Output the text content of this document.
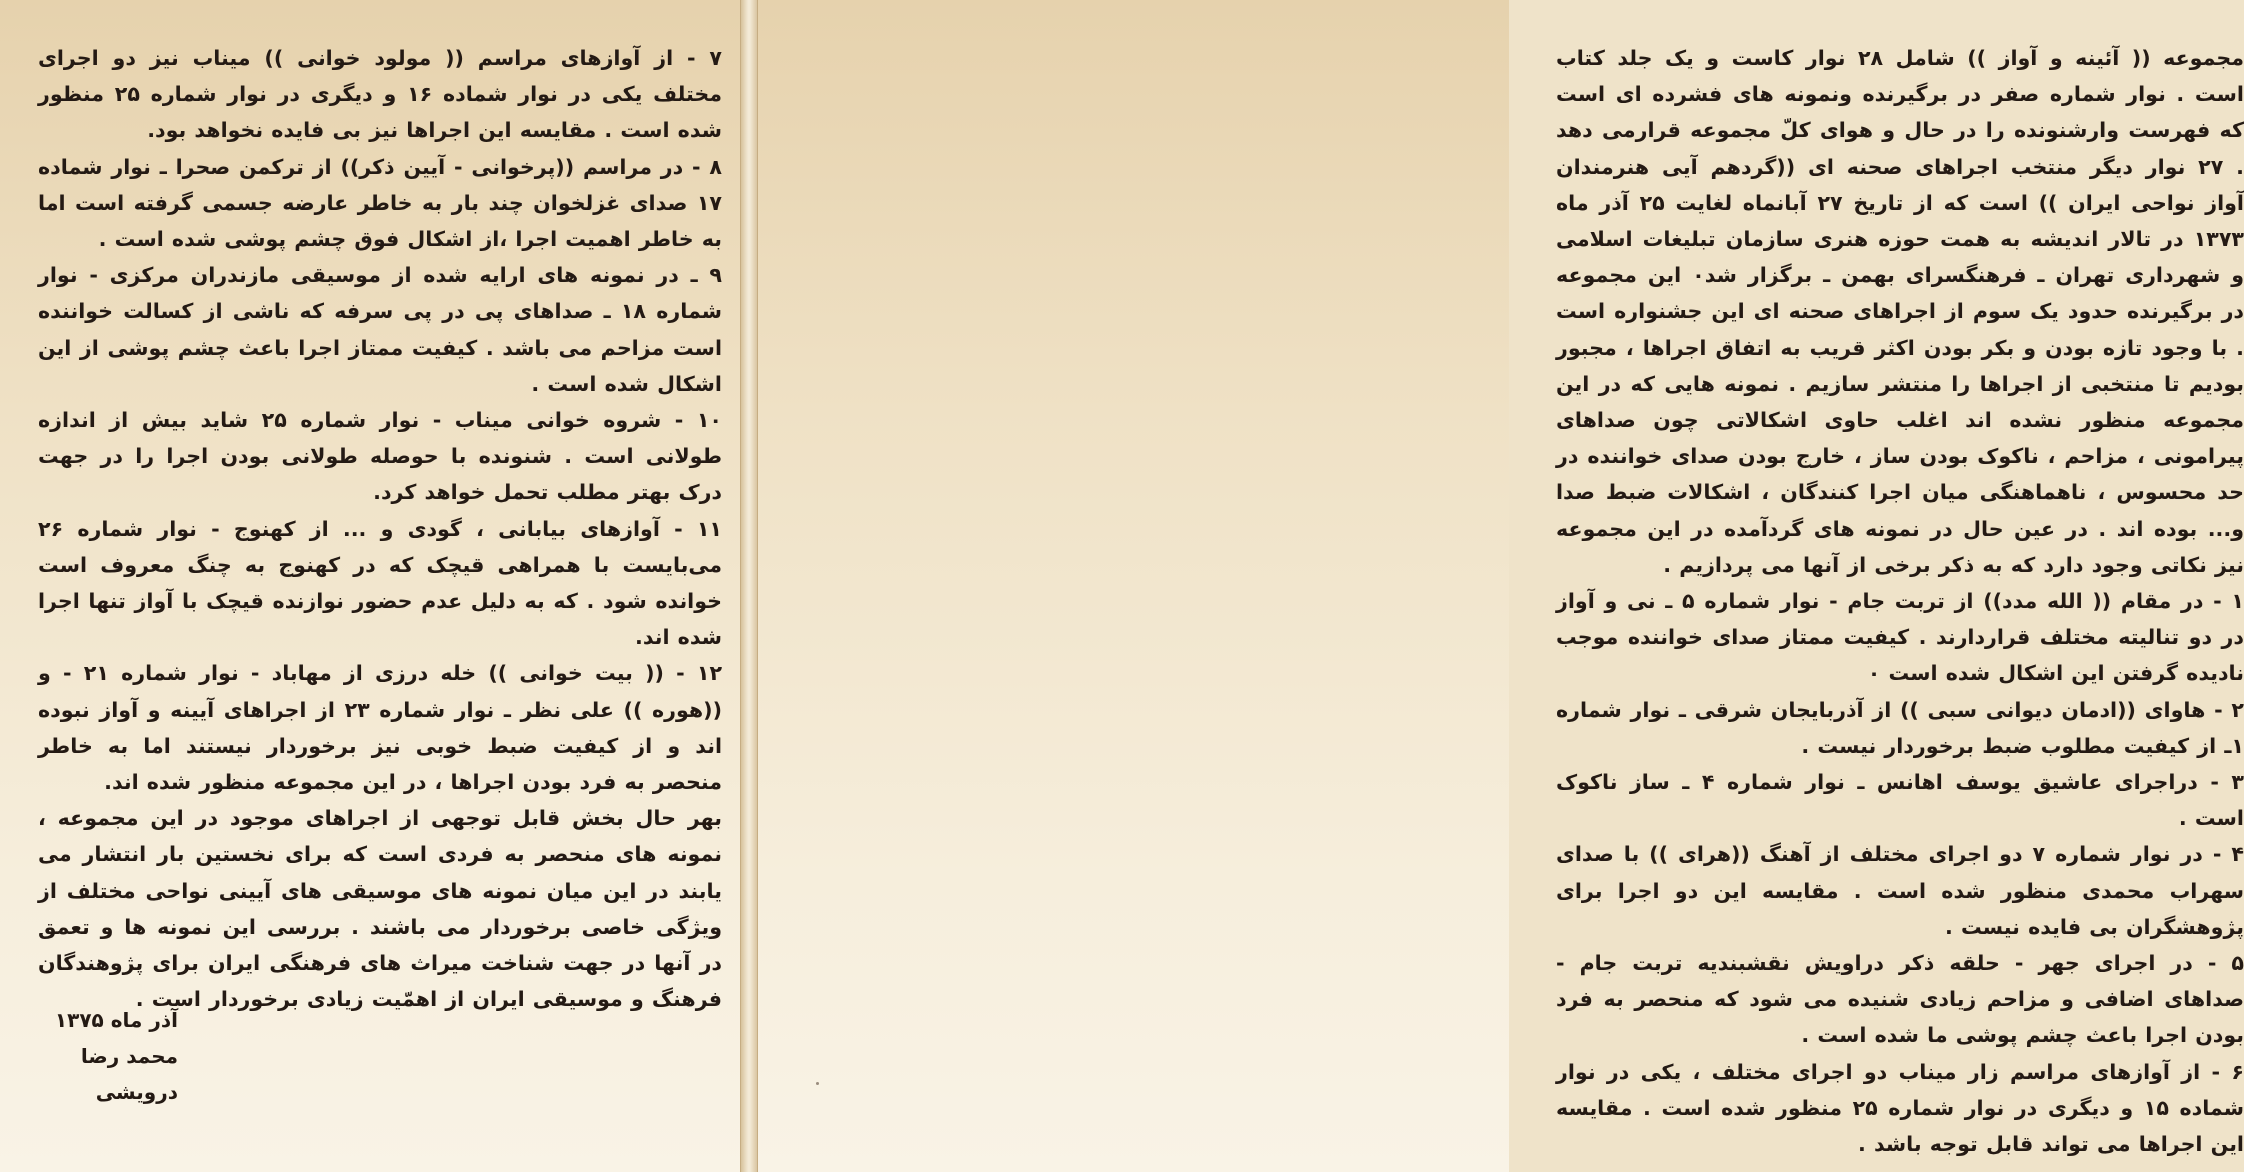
۷ - از آوازهای مراسم (( مولود خوانی )) میناب نیز دو اجرای مختلف یکی در نوار شماده ۱۶ و دیگری در نوار شماره ۲۵ منظور شده است . مقایسه این اجراها نیز بی فایده نخواهد بود.

۸ - در مراسم ((پرخوانی - آیین ذکر)) از ترکمن صحرا ـ نوار شماده ۱۷ صدای غزلخوان چند بار به خاطر عارضه جسمی گرفته است اما به خاطر اهمیت اجرا ،از اشکال فوق چشم پوشی شده است .

۹ ـ در نمونه های ارایه شده از موسیقی مازندران مرکزی - نوار شماره ۱۸ ـ صداهای پی در پی سرفه که ناشی از کسالت خواننده است مزاحم می باشد . کیفیت ممتاز اجرا باعث چشم پوشی از این اشکال شده است .

۱۰ - شروه خوانی میناب - نوار شماره ۲۵ شاید بیش از اندازه طولانی است . شنونده با حوصله طولانی بودن اجرا را در جهت درک بهتر مطلب تحمل خواهد کرد.

۱۱ - آوازهای بیابانی ، گودی و ... از کهنوج - نوار شماره ۲۶ می‌بایست با همراهی قیچک که در کهنوج به چنگ معروف است خوانده شود . که به دلیل عدم حضور نوازنده قیچک با آواز تنها اجرا شده اند.

۱۲ - (( بیت خوانی )) خله درزی از مهاباد - نوار شماره ۲۱ - و ((هوره )) علی نظر ـ نوار شماره ۲۳ از اجراهای آیینه و آواز نبوده اند و از کیفیت ضبط خوبی نیز برخوردار نیستند اما به خاطر منحصر به فرد بودن اجراها ، در این مجموعه منظور شده اند.

بهر حال بخش قابل توجهی از اجراهای موجود در این مجموعه ، نمونه های منحصر به فردی است که برای نخستین بار انتشار می یابند در این میان نمونه های موسیقی های آیینی نواحی مختلف از ویژگی خاصی برخوردار می باشند . بررسی این نمونه ها و تعمق در آنها در جهت شناخت میراث های فرهنگی ایران برای پژوهندگان فرهنگ و موسیقی ایران از اهمّیت زیادی برخوردار است .

آذر ماه ۱۳۷۵

محمد رضا درویشی

مجموعه (( آئینه و آواز )) شامل ۲۸ نوار کاست و یک جلد کتاب است . نوار شماره صفر در برگیرنده ونمونه های فشرده ای است که فهرست وارشنونده را در حال و هوای کلّ مجموعه قرارمی دهد . ۲۷ نوار دیگر منتخب اجراهای صحنه ای ((گردهم آیی هنرمندان آواز نواحی ایران )) است که از تاریخ ۲۷ آبانماه لغایت ۲۵ آذر ماه ۱۳۷۳ در تالار اندیشه به همت حوزه هنری سازمان تبلیغات اسلامی و شهرداری تهران ـ فرهنگسرای بهمن ـ برگزار شد٠ این مجموعه در برگیرنده حدود یک سوم از اجراهای صحنه ای این جشنواره است . با وجود تازه بودن و بکر بودن اکثر قریب به اتفاق اجراها ، مجبور بودیم تا منتخبی از اجراها را منتشر سازیم . نمونه هایی که در این مجموعه منظور نشده اند اغلب حاوی اشکالاتی چون صداهای پیرامونی ، مزاحم ، ناکوک بودن ساز ، خارج بودن صدای خواننده در حد محسوس ، ناهماهنگی میان اجرا کنندگان ، اشکالات ضبط صدا و... بوده اند . در عین حال در نمونه های گردآمده در این مجموعه نیز نکاتی وجود دارد که به ذکر برخی از آنها می پردازیم .

۱ - در مقام (( الله مدد)) از تربت جام - نوار شماره ۵ ـ نی و آواز در دو تنالیته مختلف قراردارند . کیفیت ممتاز صدای خواننده موجب نادیده گرفتن این اشکال شده است ٠

۲ - هاوای ((ادمان دیوانی سبی )) از آذربایجان شرقی ـ نوار شماره ۱ـ از کیفیت مطلوب ضبط برخوردار نیست .

۳ - دراجرای عاشیق یوسف اهانس ـ نوار شماره ۴ ـ ساز ناکوک است .

۴ - در نوار شماره ۷ دو اجرای مختلف از آهنگ ((هرای )) با صدای سهراب محمدی منظور شده است . مقایسه این دو اجرا برای پژوهشگران بی فایده نیست .

۵ - در اجرای جهر - حلقه ذکر دراویش نقشبندیه تربت جام - صداهای اضافی و مزاحم زیادی شنیده می شود که منحصر به فرد بودن اجرا باعث چشم پوشی ما شده است .

۶ - از آوازهای مراسم زار میناب دو اجرای مختلف ، یکی در نوار شماده ۱۵ و دیگری در نوار شماره ۲۵ منظور شده است . مقایسه این اجراها می تواند قابل توجه باشد .
